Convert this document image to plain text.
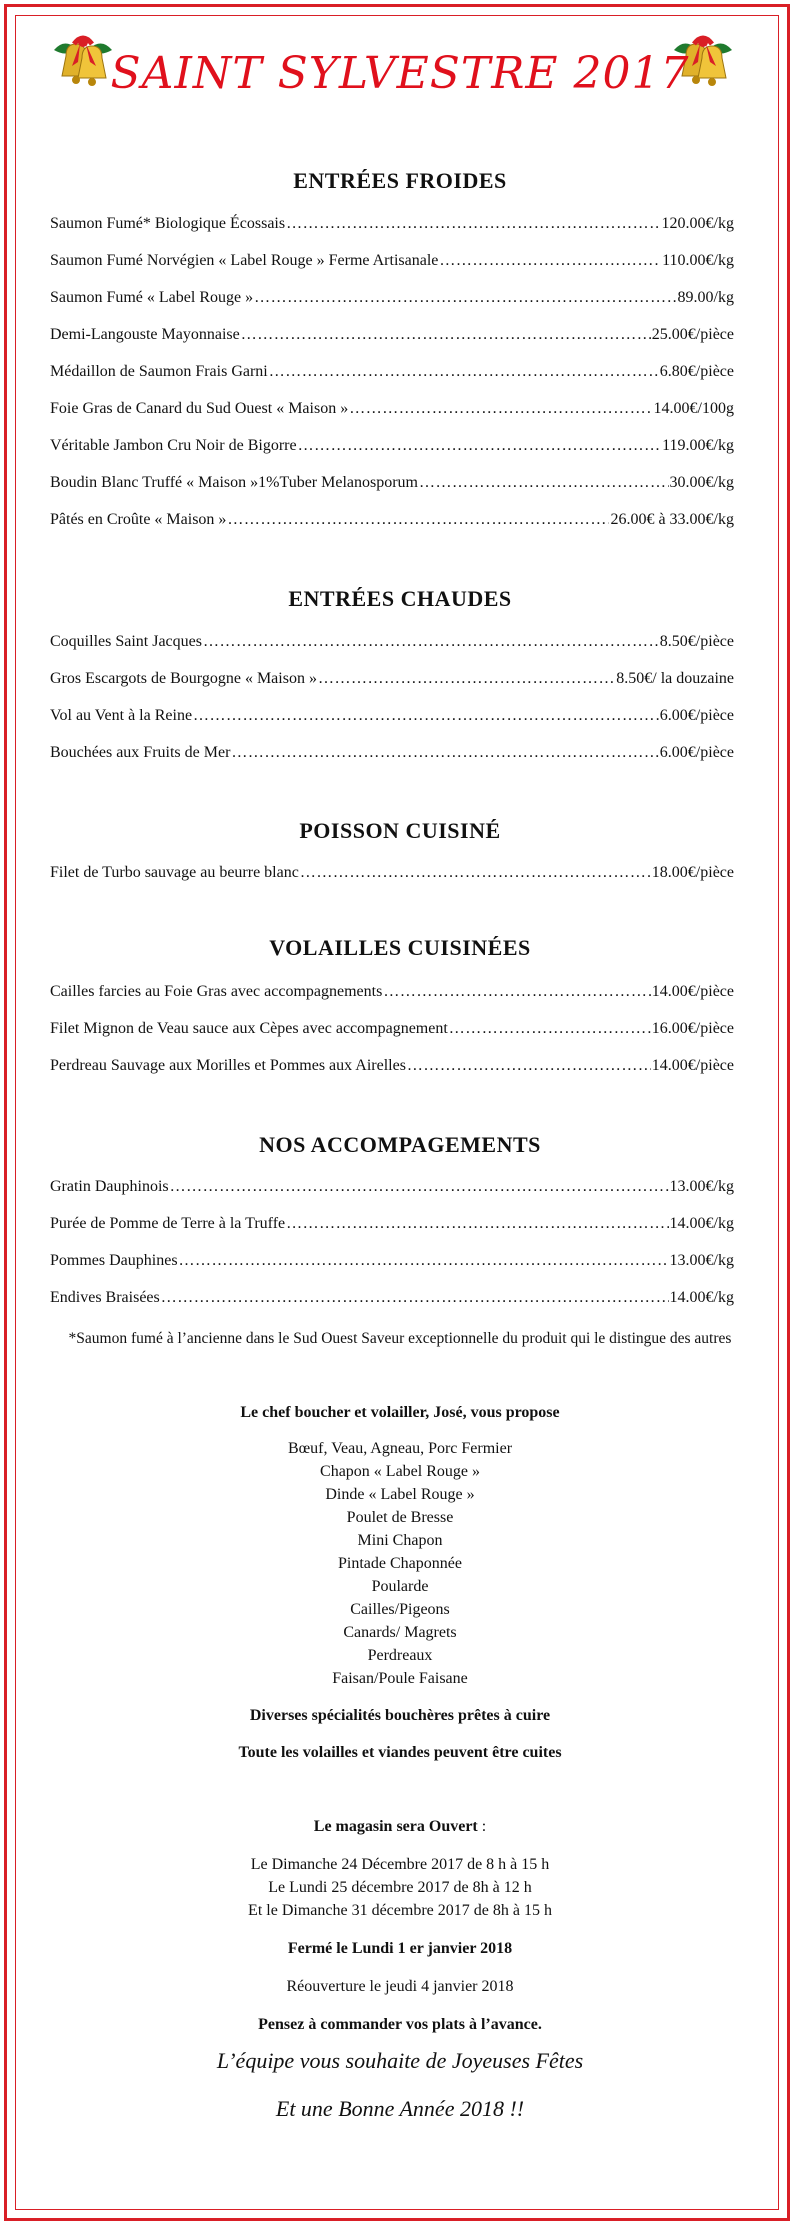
SAINT SYLVESTRE 2017
ENTRÉES FROIDES
Saumon Fumé* Biologique Écossais ……………………………………………………………………………………………………………………………………………………………………………………………	120.00€/kg
Saumon Fumé Norvégien « Label Rouge » Ferme Artisanale ……………………………………………………………………………………………………………………………………………………………………………………………	110.00€/kg
Saumon Fumé « Label Rouge » ……………………………………………………………………………………………………………………………………………………………………………………………	89.00/kg
Demi-Langouste Mayonnaise ……………………………………………………………………………………………………………………………………………………………………………………………	25.00€/pièce
Médaillon de Saumon Frais Garni ……………………………………………………………………………………………………………………………………………………………………………………………	6.80€/pièce
Foie Gras de Canard du Sud Ouest « Maison » ……………………………………………………………………………………………………………………………………………………………………………………………	14.00€/100g
Véritable Jambon Cru Noir de Bigorre ……………………………………………………………………………………………………………………………………………………………………………………………	119.00€/kg
Boudin Blanc Truffé « Maison »1%Tuber Melanosporum ……………………………………………………………………………………………………………………………………………………………………………………………	30.00€/kg
Pâtés en Croûte « Maison » ……………………………………………………………………………………………………………………………………………………………………………………………	26.00€ à 33.00€/kg
ENTRÉES CHAUDES
Coquilles Saint Jacques ……………………………………………………………………………………………………………………………………………………………………………………………	8.50€/pièce
Gros Escargots de Bourgogne « Maison » ……………………………………………………………………………………………………………………………………………………………………………………………	8.50€/ la douzaine
Vol au Vent à la Reine ……………………………………………………………………………………………………………………………………………………………………………………………	6.00€/pièce
Bouchées aux Fruits de Mer ……………………………………………………………………………………………………………………………………………………………………………………………	6.00€/pièce
POISSON CUISINÉ
Filet de Turbo sauvage au beurre blanc ……………………………………………………………………………………………………………………………………………………………………………………………	18.00€/pièce
VOLAILLES CUISINÉES
Cailles farcies au Foie Gras avec accompagnements ……………………………………………………………………………………………………………………………………………………………………………………………	14.00€/pièce
Filet Mignon de Veau sauce aux Cèpes avec accompagnement ……………………………………………………………………………………………………………………………………………………………………………………………	16.00€/pièce
Perdreau Sauvage aux Morilles et Pommes aux Airelles ……………………………………………………………………………………………………………………………………………………………………………………………	14.00€/pièce
NOS ACCOMPAGEMENTS
Gratin Dauphinois ……………………………………………………………………………………………………………………………………………………………………………………………	13.00€/kg
Purée de Pomme de Terre à la Truffe ……………………………………………………………………………………………………………………………………………………………………………………………	14.00€/kg
Pommes Dauphines ……………………………………………………………………………………………………………………………………………………………………………………………	13.00€/kg
Endives Braisées ……………………………………………………………………………………………………………………………………………………………………………………………	14.00€/kg
*Saumon fumé à l’ancienne dans le Sud Ouest Saveur exceptionnelle du produit qui le distingue des autres
Le chef boucher et volailler, José, vous propose
Bœuf, Veau, Agneau, Porc Fermier
Chapon « Label Rouge »
Dinde « Label Rouge »
Poulet de Bresse
Mini Chapon
Pintade Chaponnée
Poularde
Cailles/Pigeons
Canards/ Magrets
Perdreaux
Faisan/Poule Faisane
Diverses spécialités bouchères prêtes à cuire
Toute les volailles et viandes peuvent être cuites
Le magasin sera Ouvert :
Le Dimanche 24 Décembre 2017 de 8 h à 15 h
Le Lundi 25 décembre 2017 de 8h à 12 h
Et le Dimanche 31 décembre 2017 de 8h à 15 h
Fermé le Lundi 1 er janvier 2018
Réouverture le jeudi 4 janvier 2018
Pensez à commander vos plats à l’avance.
L’équipe vous souhaite de Joyeuses Fêtes
Et une Bonne Année 2018 !!
